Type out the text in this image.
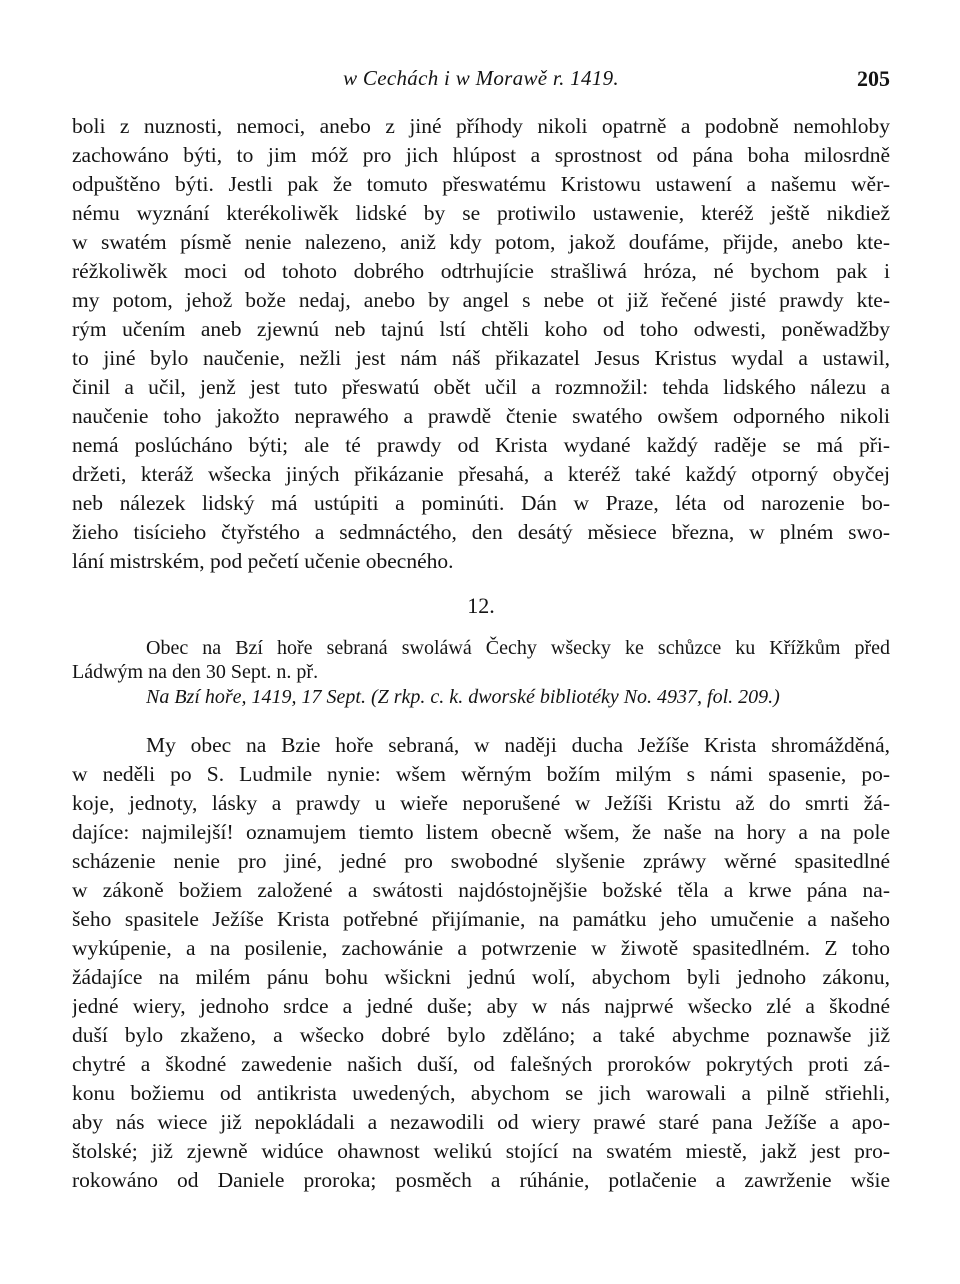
w Cechách i w Morawě r. 1419.	205
boli z nuznosti, nemoci, anebo z jiné příhody nikoli opatrně a podobně nemohloby
zachowáno býti, to jim móž pro jich hlúpost a sprostnost od pána boha milosrdně
odpuštěno býti. Jestli pak že tomuto přeswatému Kristowu ustawení a našemu wěr-
nému wyznání kterékoliwěk lidské by se protiwilo ustawenie, kteréž ještě nikdiež
w swatém písmě nenie nalezeno, aniž kdy potom, jakož doufáme, přijde, anebo kte-
réžkoliwěk moci od tohoto dobrého odtrhujície strašliwá hróza, né bychom pak i
my potom, jehož bože nedaj, anebo by angel s nebe ot již řečené jisté prawdy kte-
rým učením aneb zjewnú neb tajnú lstí chtěli koho od toho odwesti, poněwadžby
to jiné bylo naučenie, nežli jest nám náš přikazatel Jesus Kristus wydal a ustawil,
činil a učil, jenž jest tuto přeswatú obět učil a rozmnožil: tehda lidského nálezu a
naučenie toho jakožto neprawého a prawdě čtenie swatého owšem odporného nikoli
nemá poslúcháno býti; ale té prawdy od Krista wydané každý raděje se má při-
držeti, kteráž wšecka jiných přikázanie přesahá, a kteréž také každý otporný obyčej
neb nálezek lidský má ustúpiti a pominúti. Dán w Praze, léta od narozenie bo-
žieho tisícieho čtyřstého a sedmnáctého, den desátý měsiece března, w plném swo-
lání mistrském, pod pečetí učenie obecného.
12.
Obec na Bzí hoře sebraná swoláwá Čechy wšecky ke schůzce ku Křížkům před
Ládwým na den 30 Sept. n. př.
Na Bzí hoře, 1419, 17 Sept. (Z rkp. c. k. dworské bibliotéky No. 4937, fol. 209.)
My obec na Bzie hoře sebraná, w naději ducha Ježíše Krista shromážděná,
w neděli po S. Ludmile nynie: wšem wěrným božím milým s námi spasenie, po-
koje, jednoty, lásky a prawdy u wieře neporušené w Ježíši Kristu až do smrti žá-
dajíce: najmilejší! oznamujem tiemto listem obecně wšem, že naše na hory a na pole
scházenie nenie pro jiné, jedné pro swobodné slyšenie zpráwy wěrné spasitedlné
w zákoně božiem založené a swátosti najdóstojnějšie božské těla a krwe pána na-
šeho spasitele Ježíše Krista potřebné přijímanie, na památku jeho umučenie a našeho
wykúpenie, a na posilenie, zachowánie a potwrzenie w žiwotě spasitedlném. Z toho
žádajíce na milém pánu bohu wšickni jednú wolí, abychom byli jednoho zákonu,
jedné wiery, jednoho srdce a jedné duše; aby w nás najprwé wšecko zlé a škodné
duší bylo zkaženo, a wšecko dobré bylo zděláno; a také abychme poznawše již
chytré a škodné zawedenie našich duší, od falešných proroków pokrytých proti zá-
konu božiemu od antikrista uwedených, abychom se jich warowali a pilně střiehli,
aby nás wiece již nepokládali a nezawodili od wiery prawé staré pana Ježíše a apo-
štolské; již zjewně widúce ohawnost welikú stojící na swatém miestě, jakž jest pro-
rokowáno od Daniele proroka; posměch a rúhánie, potlačenie a zawrženie wšie
